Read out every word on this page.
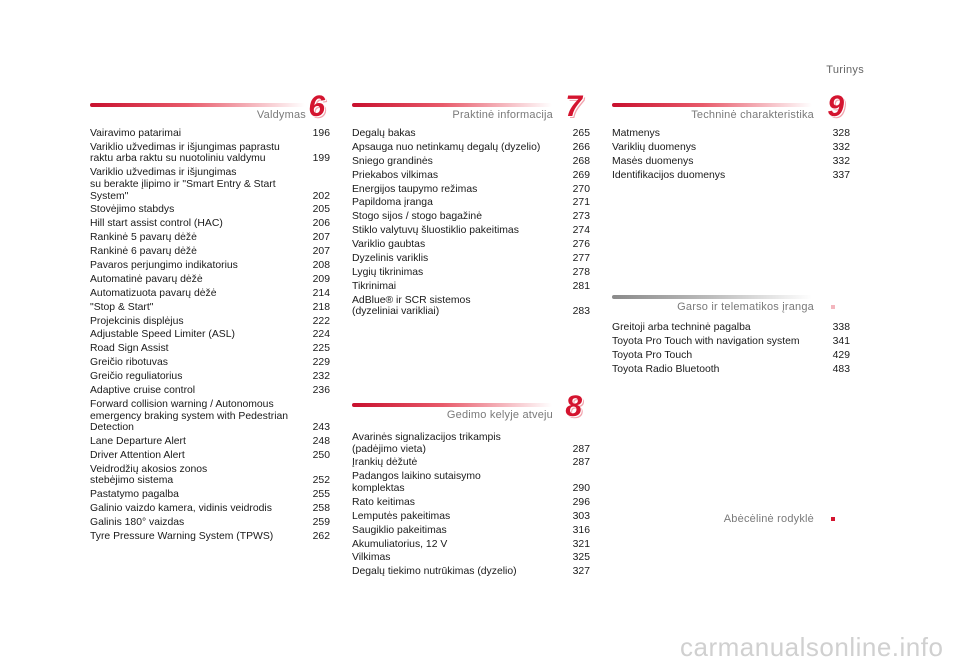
Turinys
Valdymas 6
Vairavimo patarimai	196
Variklio užvedimas ir išjungimas paprastu
raktu arba raktu su nuotoliniu valdymu	199
Variklio užvedimas ir išjungimas
su berakte įlipimo ir "Smart Entry & Start
System"	202
Stovėjimo stabdys	205
Hill start assist control (HAC)	206
Rankinė 5 pavarų dėžė	207
Rankinė 6 pavarų dėžė	207
Pavaros perjungimo indikatorius	208
Automatinė pavarų dėžė	209
Automatizuota pavarų dėžė	214
"Stop & Start"	218
Projekcinis displėjus	222
Adjustable Speed Limiter (ASL)	224
Road Sign Assist	225
Greičio ribotuvas	229
Greičio reguliatorius	232
Adaptive cruise control	236
Forward collision warning / Autonomous
emergency braking system with Pedestrian
Detection	243
Lane Departure Alert	248
Driver Attention Alert	250
Veidrodžių akosios zonos
stebėjimo sistema	252
Pastatymo pagalba	255
Galinio vaizdo kamera, vidinis veidrodis	258
Galinis 180° vaizdas	259
Tyre Pressure Warning System (TPWS)	262
Praktinė informacija 7
Degalų bakas	265
Apsauga nuo netinkamų degalų (dyzelio)	266
Sniego grandinės	268
Priekabos vilkimas	269
Energijos taupymo režimas	270
Papildoma įranga	271
Stogo sijos / stogo bagažinė	273
Stiklo valytuvų šluostiklio pakeitimas	274
Variklio gaubtas	276
Dyzelinis variklis	277
Lygių tikrinimas	278
Tikrinimai	281
AdBlue® ir SCR sistemos
(dyzeliniai varikliai)	283
Gedimo kelyje atveju 8
Avarinės signalizacijos trikampis
(padėjimo vieta)	287
Įrankių dėžutė	287
Padangos laikino sutaisymo
komplektas	290
Rato keitimas	296
Lemputės pakeitimas	303
Saugiklio pakeitimas	316
Akumuliatorius, 12 V	321
Vilkimas	325
Degalų tiekimo nutrūkimas (dyzelio)	327
Techninė charakteristika 9
Matmenys	328
Variklių duomenys	332
Masės duomenys	332
Identifikacijos duomenys	337
Garso ir telematikos įranga
Greitoji arba techninė pagalba	338
Toyota Pro Touch with navigation system	341
Toyota Pro Touch	429
Toyota Radio Bluetooth	483
Abėcėlinė rodyklė
carmanualsonline.info
